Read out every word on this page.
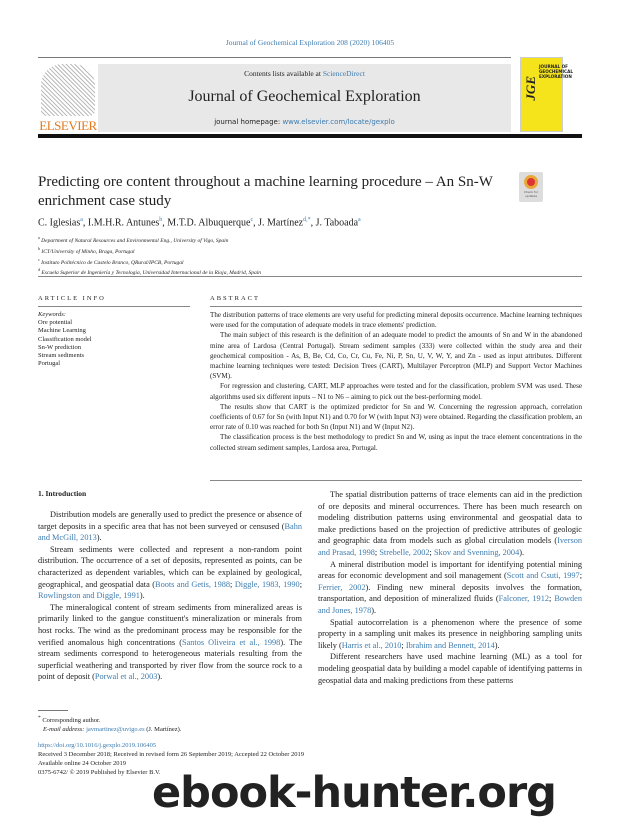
Journal of Geochemical Exploration 208 (2020) 106405
ELSEVIER
Contents lists available at ScienceDirect
Journal of Geochemical Exploration
journal homepage: www.elsevier.com/locate/gexplo
JGE
JOURNAL OF GEOCHEMICAL EXPLORATION
Predicting ore content throughout a machine learning procedure – An Sn-W enrichment case study
Check for updates
C. Iglesias$^a$, I.M.H.R. Antunes$^b$, M.T.D. Albuquerque$^c$, J. Martínez$^{d,*}$, J. Taboada$^a$
$^a$ Department of Natural Resources and Environmental Eng., University of Vigo, Spain
$^b$ ICT/University of Minho, Braga, Portugal
$^c$ Instituto Politécnico de Castelo Branco, QRural/IPCB, Portugal
$^d$ Escuela Superior de Ingeniería y Tecnología, Universidad Internacional de la Rioja, Madrid, Spain
ARTICLE INFO
Keywords:
Ore potential
Machine Learning
Classification model
Sn-W prediction
Stream sediments
Portugal
ABSTRACT

The distribution patterns of trace elements are very useful for predicting mineral deposits occurrence. Machine learning techniques were used for the computation of adequate models in trace elements' prediction.

The main subject of this research is the definition of an adequate model to predict the amounts of Sn and W in the abandoned mine area of Lardosa (Central Portugal). Stream sediment samples (333) were collected within the study area and their geochemical composition - As, B, Be, Cd, Co, Cr, Cu, Fe, Ni, P, Sn, U, V, W, Y, and Zn - used as input attributes. Different machine learning techniques were tested: Decision Trees (CART), Multilayer Perceptron (MLP) and Support Vector Machines (SVM).

For regression and clustering, CART, MLP approaches were tested and for the classification, problem SVM was used. These algorithms used six different inputs – N1 to N6 – aiming to pick out the best-performing model.

The results show that CART is the optimized predictor for Sn and W. Concerning the regression approach, correlation coefficients of 0.67 for Sn (with Input N1) and 0.70 for W (with Input N3) were obtained. Regarding the classification problem, an error rate of 0.10 was reached for both Sn (Input N1) and W (Input N2).

The classification process is the best methodology to predict Sn and W, using as input the trace element concentrations in the collected stream sediment samples, Lardosa area, Portugal.

1. Introduction

Distribution models are generally used to predict the presence or absence of target deposits in a specific area that has not been surveyed or censused (Bahn and McGill, 2013).

Stream sediments were collected and represent a non-random point distribution. The occurrence of a set of deposits, represented as points, can be characterized as dependent variables, which can be explained by geological, geographical, and geospatial data (Boots and Getis, 1988; Diggle, 1983, 1990; Rowlingston and Diggle, 1991).

The mineralogical content of stream sediments from mineralized areas is primarily linked to the gangue constituent's mineralization or minerals from host rocks. The wind as the predominant process may be responsible for the verified anomalous high concentrations (Santos Oliveira et al., 1998). The stream sediments correspond to heterogeneous materials resulting from the superficial weathering and transported by river flow from the source rock to a point of deposit (Porwal et al., 2003).

The spatial distribution patterns of trace elements can aid in the prediction of ore deposits and mineral occurrences. There has been much research on modeling distribution patterns using environmental and geospatial data to make predictions based on the projection of predictive attributes of geologic and geographic data from models such as global circulation models (Iverson and Prasad, 1998; Strebelle, 2002; Skov and Svenning, 2004).

A mineral distribution model is important for identifying potential mining areas for economic development and soil management (Scott and Csuti, 1997; Ferrier, 2002). Finding new mineral deposits involves the formation, transportation, and deposition of mineralized fluids (Falconer, 1912; Bowden and Jones, 1978).

Spatial autocorrelation is a phenomenon where the presence of some property in a sampling unit makes its presence in neighboring sampling units likely (Harris et al., 2010; Ibrahim and Bennett, 2014).

Different researchers have used machine learning (ML) as a tool for modeling geospatial data by building a model capable of identifying patterns in geospatial data and making predictions from these patterns

* Corresponding author.
E-mail address: javmartinez@uvigo.es (J. Martínez).
https://doi.org/10.1016/j.gexplo.2019.106405
Received 3 December 2018; Received in revised form 26 September 2019; Accepted 22 October 2019
Available online 24 October 2019
0375-6742/ © 2019 Published by Elsevier B.V.
ebook-hunter.org
